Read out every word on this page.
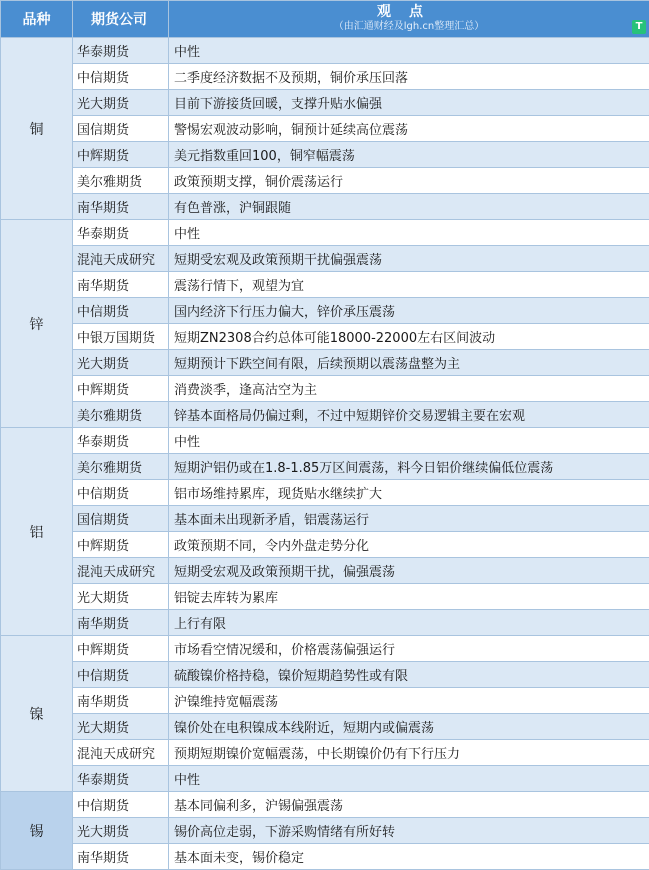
品种	期货公司	观点
（由汇通财经及lgh.cn整理汇总） T

铜	华泰期货	中性
	中信期货	二季度经济数据不及预期，铜价承压回落
	光大期货	目前下游接货回暖，支撑升贴水偏强
	国信期货	警惕宏观波动影响，铜预计延续高位震荡
	中辉期货	美元指数重回100，铜窄幅震荡
	美尔雅期货	政策预期支撑，铜价震荡运行
	南华期货	有色普涨，沪铜跟随
锌	华泰期货	中性
	混沌天成研究	短期受宏观及政策预期干扰偏强震荡
	南华期货	震荡行情下，观望为宜
	中信期货	国内经济下行压力偏大，锌价承压震荡
	中银万国期货	短期ZN2308合约总体可能18000-22000左右区间波动
	光大期货	短期预计下跌空间有限，后续预期以震荡盘整为主
	中辉期货	消费淡季，逢高沽空为主
	美尔雅期货	锌基本面格局仍偏过剩，不过中短期锌价交易逻辑主要在宏观
铝	华泰期货	中性
	美尔雅期货	短期沪铝仍或在1.8-1.85万区间震荡，料今日铝价继续偏低位震荡
	中信期货	铝市场维持累库，现货贴水继续扩大
	国信期货	基本面未出现新矛盾，铝震荡运行
	中辉期货	政策预期不同，令内外盘走势分化
	混沌天成研究	短期受宏观及政策预期干扰，偏强震荡
	光大期货	铝锭去库转为累库
	南华期货	上行有限
镍	中辉期货	市场看空情况缓和，价格震荡偏强运行
	中信期货	硫酸镍价格持稳，镍价短期趋势性或有限
	南华期货	沪镍维持宽幅震荡
	光大期货	镍价处在电积镍成本线附近，短期内或偏震荡
	混沌天成研究	预期短期镍价宽幅震荡，中长期镍价仍有下行压力
	华泰期货	中性
锡	中信期货	基本同偏利多，沪锡偏强震荡
	光大期货	锡价高位走弱，下游采购情绪有所好转
	南华期货	基本面未变，锡价稳定
